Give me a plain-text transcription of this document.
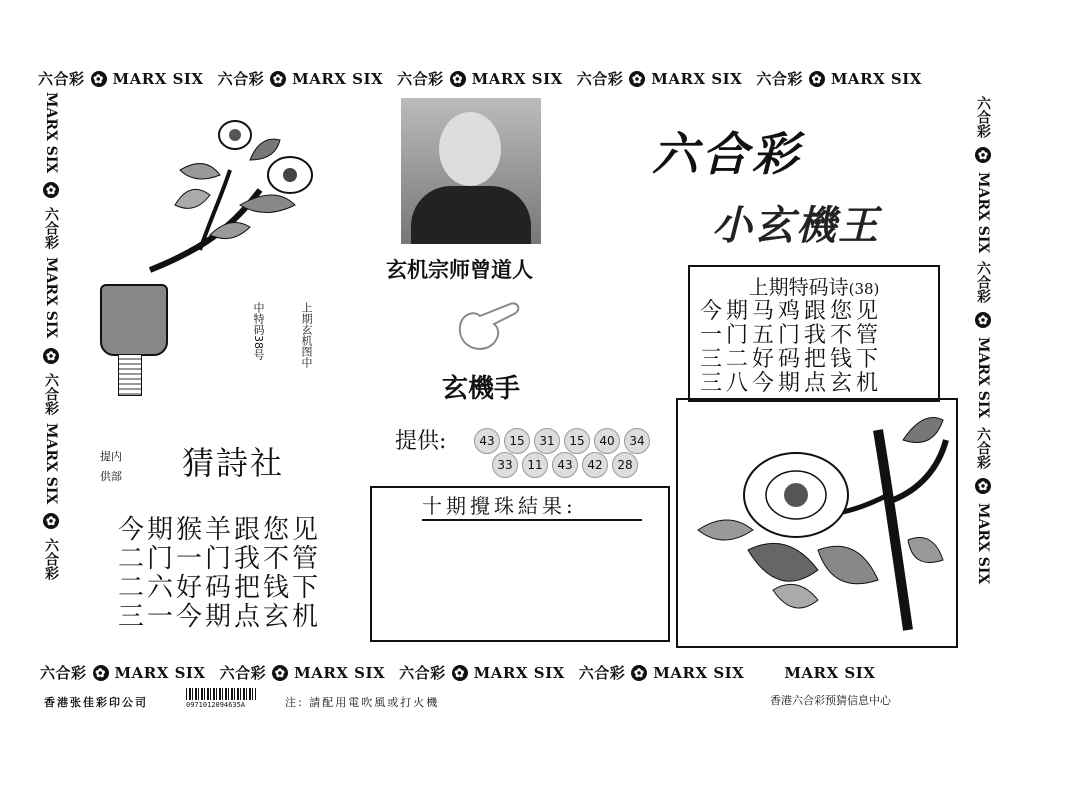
六合彩 ✿ MARX SIX 六合彩 ✿ MARX SIX 六合彩 ✿ MARX SIX 六合彩 ✿ MARX SIX 六合彩 ✿ MARX SIX
六合彩 ✿ MARX SIX 六合彩 ✿ MARX SIX 六合彩 ✿ MARX SIX 六合彩 ✿ MARX SIX	MARX SIX
MARX SIX
✿
六合彩
MARX SIX
✿
六合彩
MARX SIX
✿
六合彩
六合彩
✿
MARX SIX
六合彩
✿
MARX SIX
六合彩
✿
MARX SIX
上期玄机图中
中特码38号
提内
供部 猜詩社
今期猴羊跟您见
二门一门我不管
二六好码把钱下
三一今期点玄机
玄机宗师曾道人
玄機手
提供:	43	15	31	15	40	34
33	11	43	42	28
十期攪珠結果:
六合彩
小玄機王
上期特码诗(38)
今期马鸡跟您见
一门五门我不管
三二好码把钱下
三八今期点玄机
香港张佳彩印公司	0971012094635A	注: 請配用電吹風或打火機	香港六合彩预猜信息中心
